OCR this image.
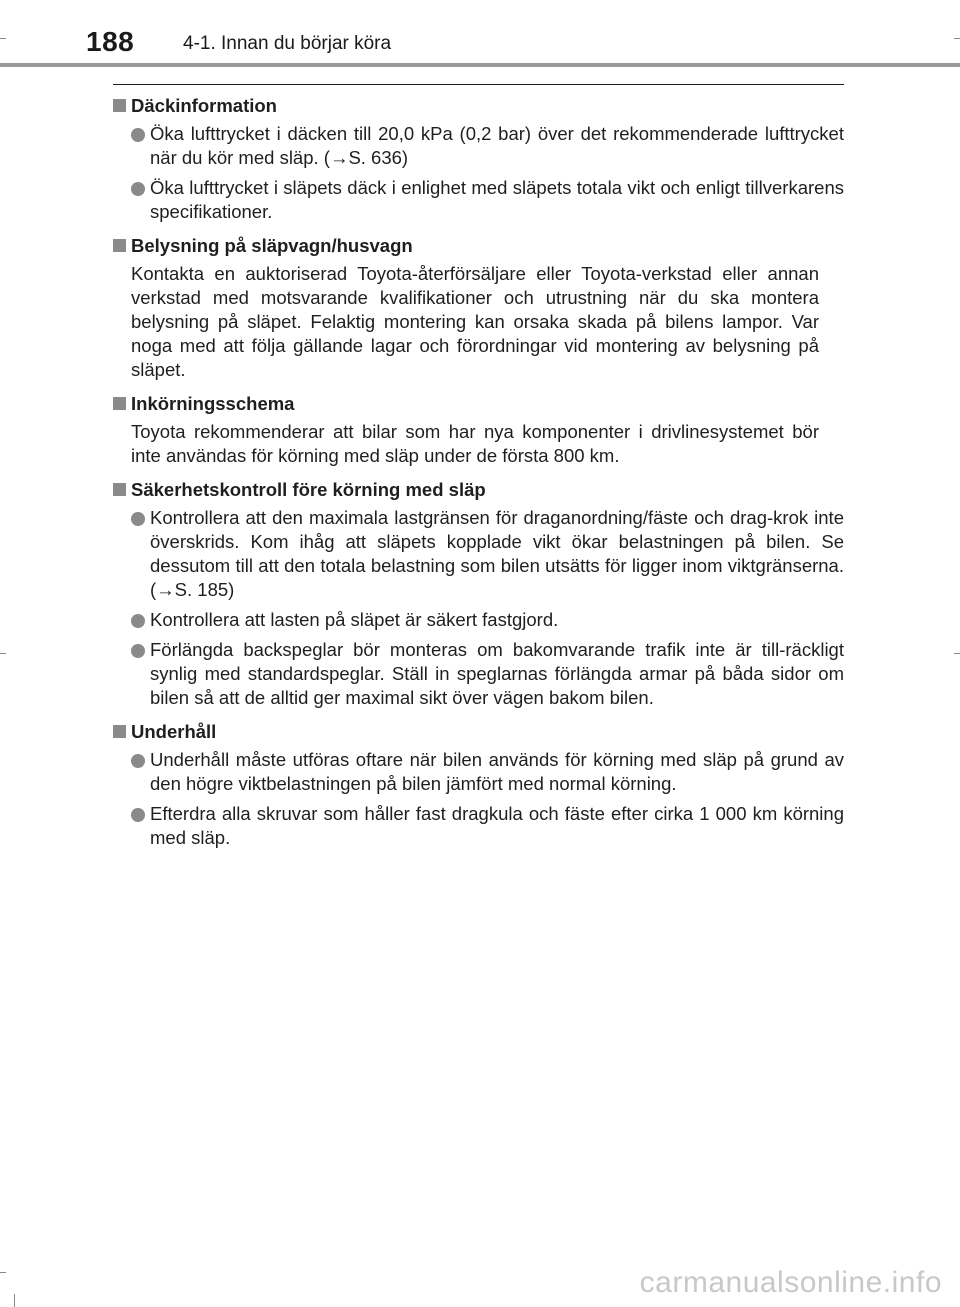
188	4-1. Innan du börjar köra
Däckinformation
Öka lufttrycket i däcken till 20,0 kPa (0,2 bar) över det rekommenderade lufttrycket när du kör med släp. (→S. 636)
Öka lufttrycket i släpets däck i enlighet med släpets totala vikt och enligt tillverkarens specifikationer.
Belysning på släpvagn/husvagn
Kontakta en auktoriserad Toyota-återförsäljare eller Toyota-verkstad eller annan verkstad med motsvarande kvalifikationer och utrustning när du ska montera belysning på släpet. Felaktig montering kan orsaka skada på bilens lampor. Var noga med att följa gällande lagar och förordningar vid montering av belysning på släpet.
Inkörningsschema
Toyota rekommenderar att bilar som har nya komponenter i drivlinesystemet bör inte användas för körning med släp under de första 800 km.
Säkerhetskontroll före körning med släp
Kontrollera att den maximala lastgränsen för draganordning/fäste och drag-krok inte överskrids. Kom ihåg att släpets kopplade vikt ökar belastningen på bilen. Se dessutom till att den totala belastning som bilen utsätts för ligger inom viktgränserna. (→S. 185)
Kontrollera att lasten på släpet är säkert fastgjord.
Förlängda backspeglar bör monteras om bakomvarande trafik inte är till-räckligt synlig med standardspeglar. Ställ in speglarnas förlängda armar på båda sidor om bilen så att de alltid ger maximal sikt över vägen bakom bilen.
Underhåll
Underhåll måste utföras oftare när bilen används för körning med släp på grund av den högre viktbelastningen på bilen jämfört med normal körning.
Efterdra alla skruvar som håller fast dragkula och fäste efter cirka 1 000 km körning med släp.
carmanualsonline.info
